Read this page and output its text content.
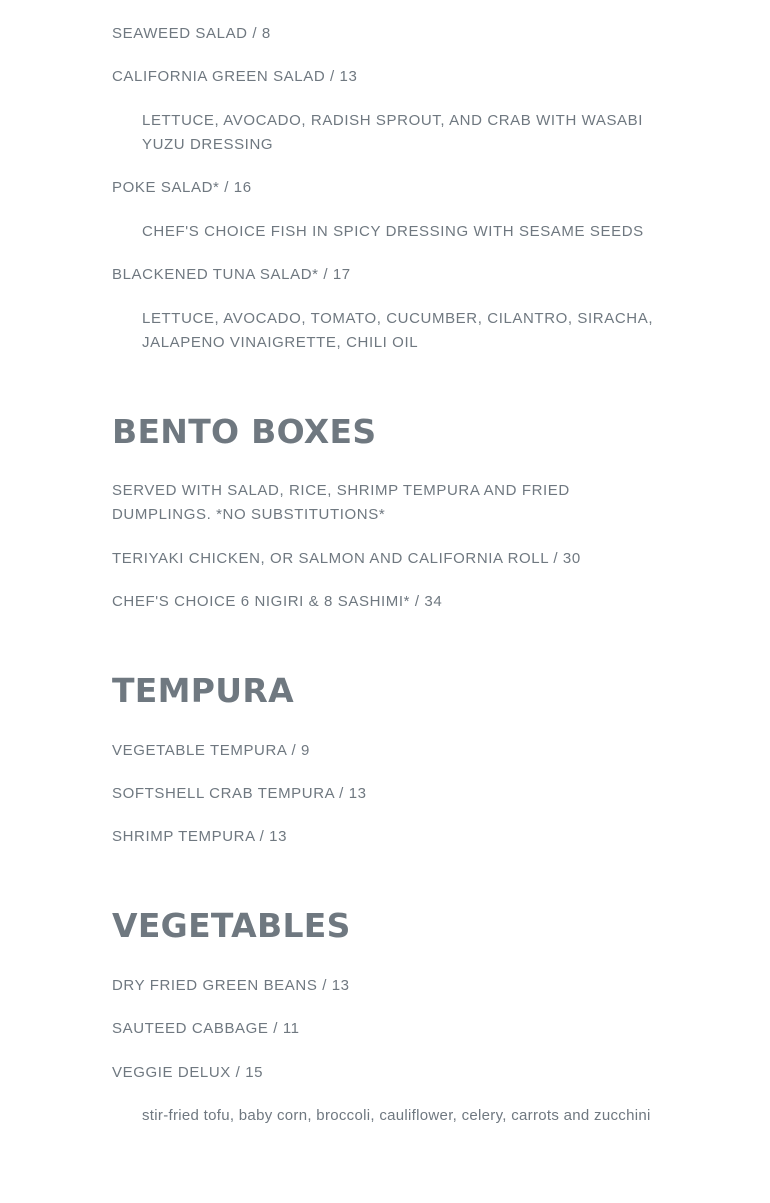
SEAWEED SALAD / 8
CALIFORNIA GREEN SALAD / 13
LETTUCE, AVOCADO, RADISH SPROUT, AND CRAB WITH WASABI YUZU DRESSING
POKE SALAD* / 16
CHEF'S CHOICE FISH IN SPICY DRESSING WITH SESAME SEEDS
BLACKENED TUNA SALAD* / 17
LETTUCE, AVOCADO, TOMATO, CUCUMBER, CILANTRO, SIRACHA, JALAPENO VINAIGRETTE, CHILI OIL
BENTO BOXES
SERVED WITH SALAD, RICE, SHRIMP TEMPURA AND FRIED DUMPLINGS. *NO SUBSTITUTIONS*
TERIYAKI CHICKEN, OR SALMON AND CALIFORNIA ROLL / 30
CHEF'S CHOICE 6 NIGIRI & 8 SASHIMI* / 34
TEMPURA
VEGETABLE TEMPURA / 9
SOFTSHELL CRAB TEMPURA / 13
SHRIMP TEMPURA / 13
VEGETABLES
DRY FRIED GREEN BEANS / 13
SAUTEED CABBAGE / 11
VEGGIE DELUX / 15
stir-fried tofu, baby corn, broccoli, cauliflower, celery, carrots and zucchini
